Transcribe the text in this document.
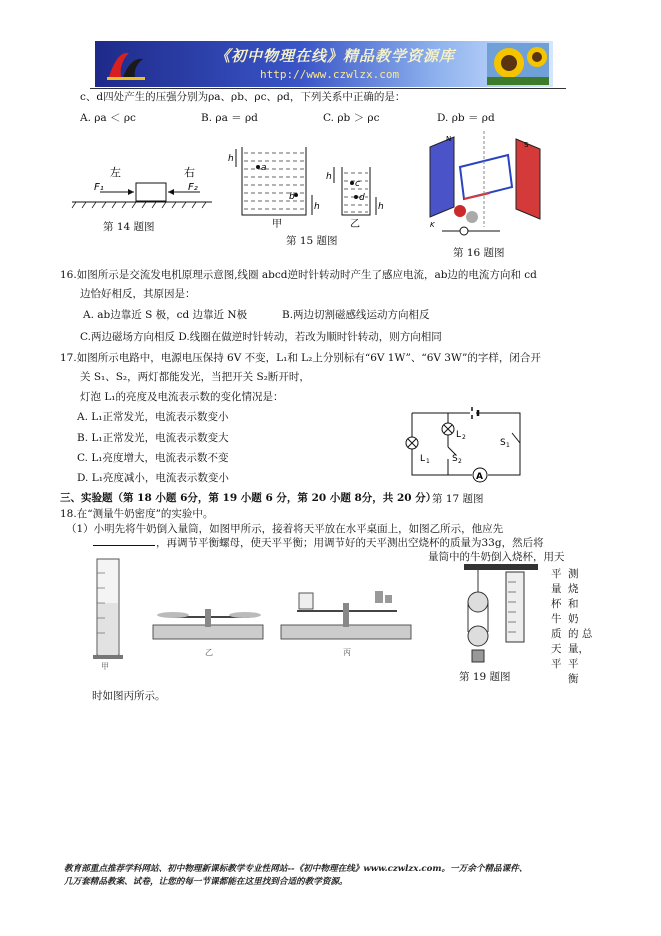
《初中物理在线》精品教学资源库
http://www.czwlzx.com
c、d四处产生的压强分别为ρa、ρb、ρc、ρd，下列关系中正确的是：
A. ρa ＜ ρc	B. ρa ＝ ρd	C. ρb ＞ ρc	D. ρb ＝ ρd
左	右
F₁	F₂
第 14 题图
a
b
h
h
甲
c
d
h
h
乙
第 15 题图
K
N
S
第 16 题图
16.如图所示是交流发电机原理示意图,线圈 abcd逆时针转动时产生了感应电流，ab边的电流方向和 cd
边恰好相反，其原因是：
A. ab边靠近 S 极，cd 边靠近 N极	B.两边切割磁感线运动方向相反
C.两边磁场方向相反 D.线圈在做逆时针转动，若改为顺时针转动，则方向相同
17.如图所示电路中，电源电压保持 6V 不变，L₁和 L₂上分别标有“6V 1W”、“6V 3W”的字样，闭合开
关 S₁、S₂，两灯都能发光，当把开关 S₂断开时，
灯泡 L₁的亮度及电流表示数的变化情况是：
A. L₁正常发光，电流表示数变小
B. L₁正常发光，电流表示数变大
C. L₁亮度增大，电流表示数不变
D. L₁亮度减小，电流表示数变小
L 1
L 2
S 2
S 1
A
第 17 题图
三、实验题（第 18 小题 6分，第 19 小题 6 分，第 20 小题 8分，共 20 分）
18.在“测量牛奶密度”的实验中。
（1）小明先将牛奶倒入量筒，如图甲所示，接着将天平放在水平桌面上，如图乙所示，他应先
，再调节平衡螺母，使天平平衡；用调节好的天平测出空烧杯的质量为33g，然后将
量筒中的牛奶倒入烧杯，用天
甲
乙	丙
第 19 题图
平
量
杯
牛
质
天
平
测
烧
和
奶
的 总
量，
平
衡
时如图丙所示。
教育部重点推荐学科网站、初中物理新课标教学专业性网站--《初中物理在线》www.czwlzx.com。一万余个精品课件、
几万套精品教案、试卷，让您的每一节课都能在这里找到合适的教学资源。
